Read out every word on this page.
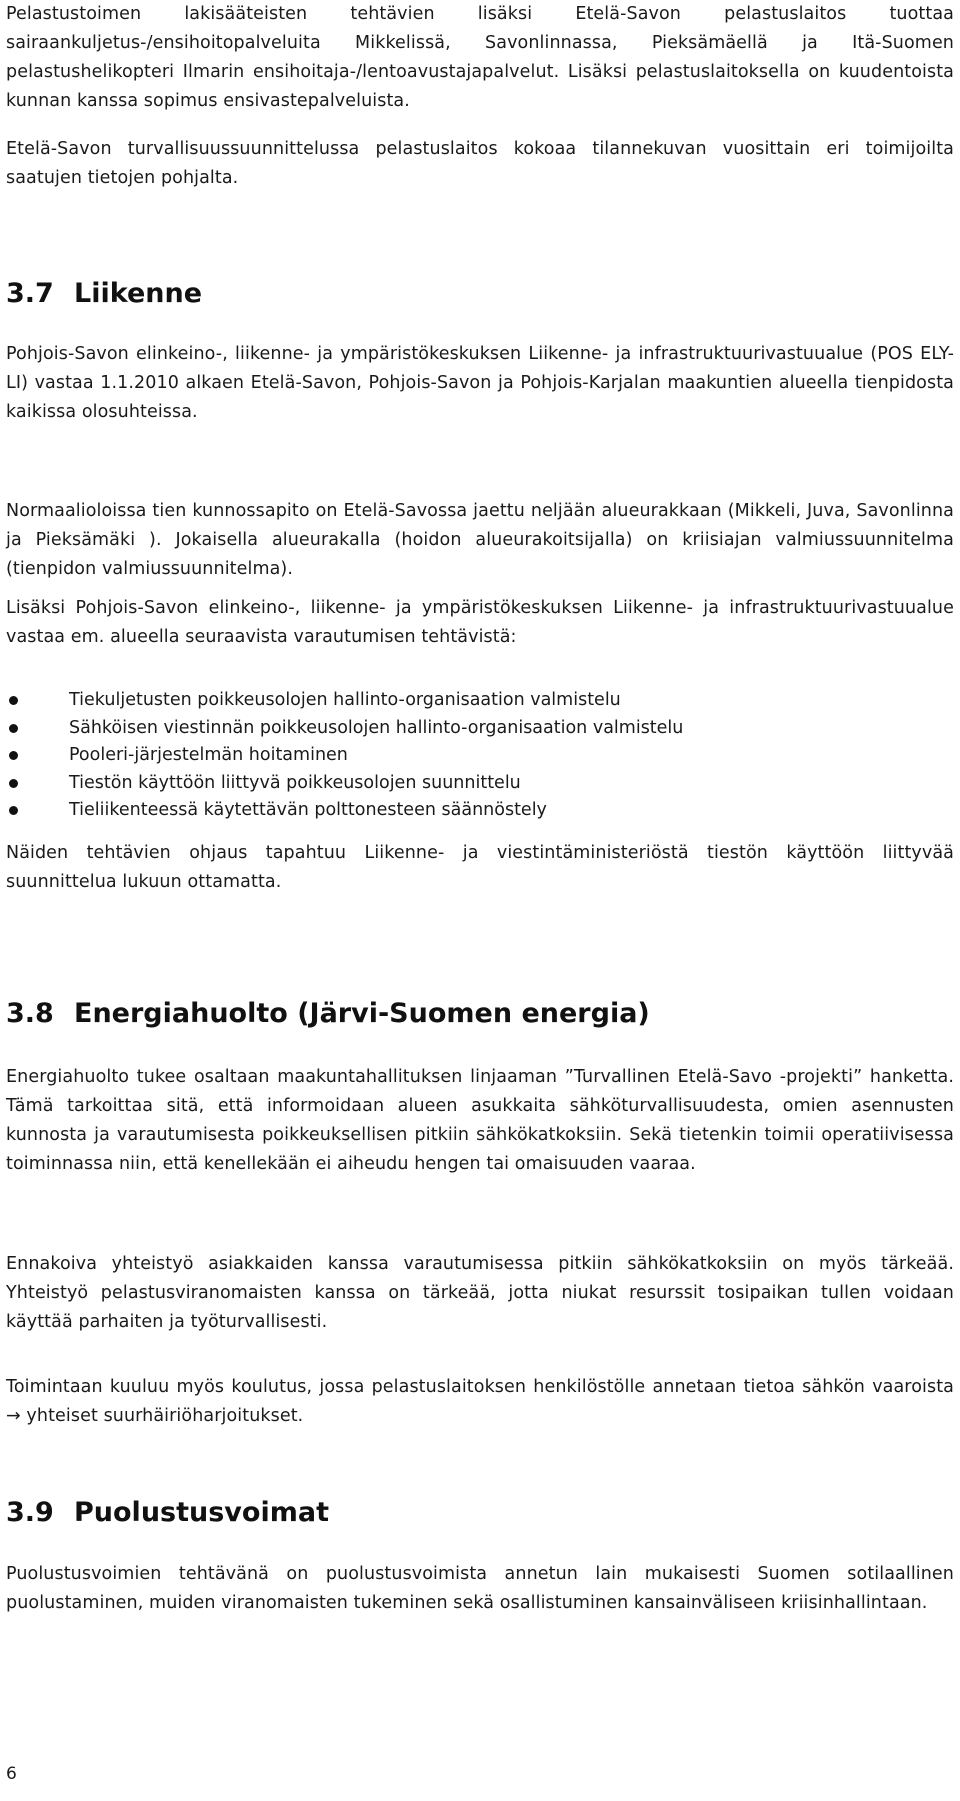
Pelastustoimen lakisääteisten tehtävien lisäksi Etelä-Savon pelastuslaitos tuottaa sairaankuljetus-/ensihoitopalveluita Mikkelissä, Savonlinnassa, Pieksämäellä ja Itä-Suomen pelastushelikopteri Ilmarin ensihoitaja-/lentoavustajapalvelut. Lisäksi pelastuslaitoksella on kuudentoista kunnan kanssa sopimus ensivastepalveluista.

Etelä-Savon turvallisuussuunnittelussa pelastuslaitos kokoaa tilannekuvan vuosittain eri toimijoilta saatujen tietojen pohjalta.

3.7 Liikenne

Pohjois-Savon elinkeino-, liikenne- ja ympäristökeskuksen Liikenne- ja infrastruktuurivastuualue (POS ELY-LI) vastaa 1.1.2010 alkaen Etelä-Savon, Pohjois-Savon ja Pohjois-Karjalan maakuntien alueella tienpidosta kaikissa olosuhteissa.

Normaalioloissa tien kunnossapito on Etelä-Savossa jaettu neljään alueurakkaan (Mikkeli, Juva, Savonlinna ja Pieksämäki ). Jokaisella alueurakalla (hoidon alueurakoitsijalla) on kriisiajan valmiussuunnitelma (tienpidon valmiussuunnitelma).

Lisäksi Pohjois-Savon elinkeino-, liikenne- ja ympäristökeskuksen Liikenne- ja infrastruktuurivastuualue vastaa em. alueella seuraavista varautumisen tehtävistä:

Tiekuljetusten poikkeusolojen hallinto-organisaation valmistelu
Sähköisen viestinnän poikkeusolojen hallinto-organisaation valmistelu
Pooleri-järjestelmän hoitaminen
Tiestön käyttöön liittyvä poikkeusolojen suunnittelu
Tieliikenteessä käytettävän polttonesteen säännöstely

Näiden tehtävien ohjaus tapahtuu Liikenne- ja viestintäministeriöstä tiestön käyttöön liittyvää suunnittelua lukuun ottamatta.

3.8 Energiahuolto (Järvi-Suomen energia)

Energiahuolto tukee osaltaan maakuntahallituksen linjaaman ”Turvallinen Etelä-Savo -projekti” hanketta. Tämä tarkoittaa sitä, että informoidaan alueen asukkaita sähköturvallisuudesta, omien asennusten kunnosta ja varautumisesta poikkeuksellisen pitkiin sähkökatkoksiin. Sekä tietenkin toimii operatiivisessa toiminnassa niin, että kenellekään ei aiheudu hengen tai omaisuuden vaaraa.

Ennakoiva yhteistyö asiakkaiden kanssa varautumisessa pitkiin sähkökatkoksiin on myös tärkeää. Yhteistyö pelastusviranomaisten kanssa on tärkeää, jotta niukat resurssit tosipaikan tullen voidaan käyttää parhaiten ja työturvallisesti.

Toimintaan kuuluu myös koulutus, jossa pelastuslaitoksen henkilöstölle annetaan tietoa sähkön vaaroista → yhteiset suurhäiriöharjoitukset.

3.9 Puolustusvoimat

Puolustusvoimien tehtävänä on puolustusvoimista annetun lain mukaisesti Suomen sotilaallinen puolustaminen, muiden viranomaisten tukeminen sekä osallistuminen kansainväliseen kriisinhallintaan.

6
